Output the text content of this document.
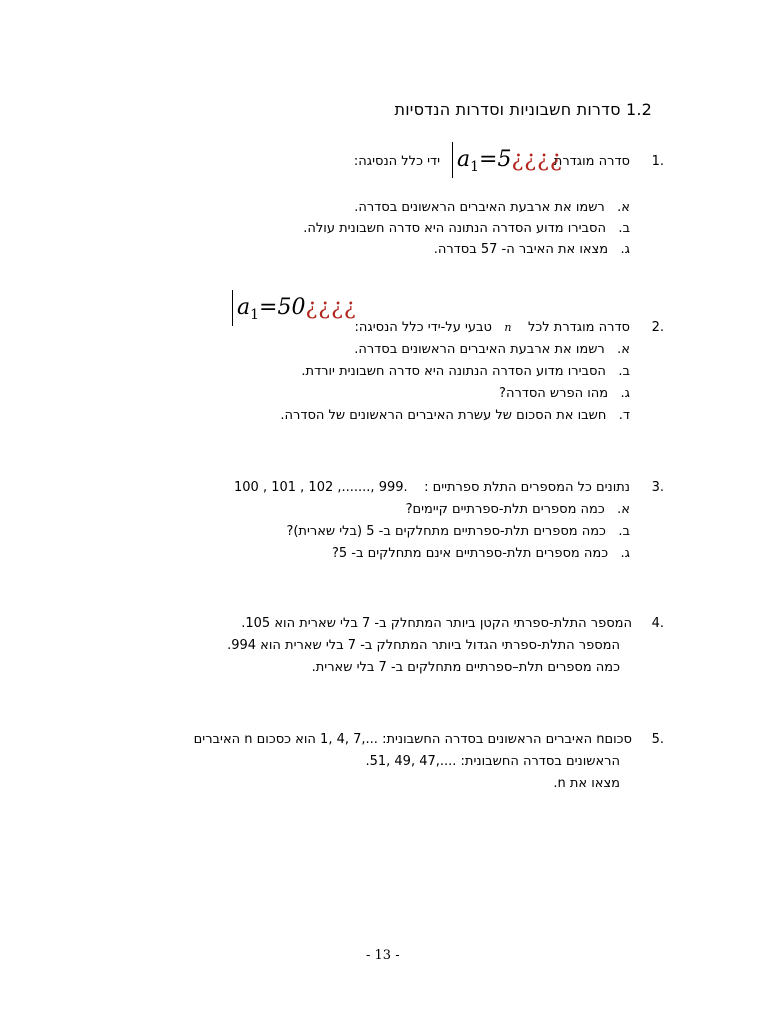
1.2 סדרות חשבוניות וסדרות הנדסיות
1.
סדרה מוגדרת
$a_1=5¿¿¿¿$
ידי כלל הנסיגה:
א.   רשמו את ארבעת האיברים הראשונים בסדרה.
ב.   הסבירו מדוע הסדרה הנתונה היא סדרה חשבונית עולה.
ג.   מצאו את האיבר ה- 57 בסדרה.
$a_1=50¿¿¿¿$
2.
סדרה מוגדרת לכל    n   טבעי על-ידי כלל הנסיגה:
א.   רשמו את ארבעת האיברים הראשונים בסדרה.
ב.   הסבירו מדוע הסדרה הנתונה היא סדרה חשבונית יורדת.
ג.   מהו הפרש הסדרה?
ד.   חשבו את הסכום של עשרת האיברים הראשונים של הסדרה.
3.
נתונים כל המספרים התלת ספרתיים :
100 , 101 , 102 ,......., 999.
א.   כמה מספרים תלת-ספרתיים קיימים?
ב.   כמה מספרים תלת-ספרתיים מתחלקים ב- 5 (בלי שארית)?
ג.   כמה מספרים תלת-ספרתיים אינם מתחלקים ב- 5?
4.
המספר התלת-ספרתי הקטן ביותר המתחלק ב- 7 בלי שארית הוא 105.
המספר התלת-ספרתי הגדול ביותר המתחלק ב- 7 בלי שארית הוא 994.
כמה מספרים תלת–ספרתיים מתחלקים ב- 7 בלי שארית.
5.
סכוםn האיברים הראשונים בסדרה החשבונית: ...,7 ,4 ,1 הוא כסכום n האיברים
הראשונים בסדרה החשבונית: ....,47 ,49 ,51.
מצאו את n.
- 13 -
